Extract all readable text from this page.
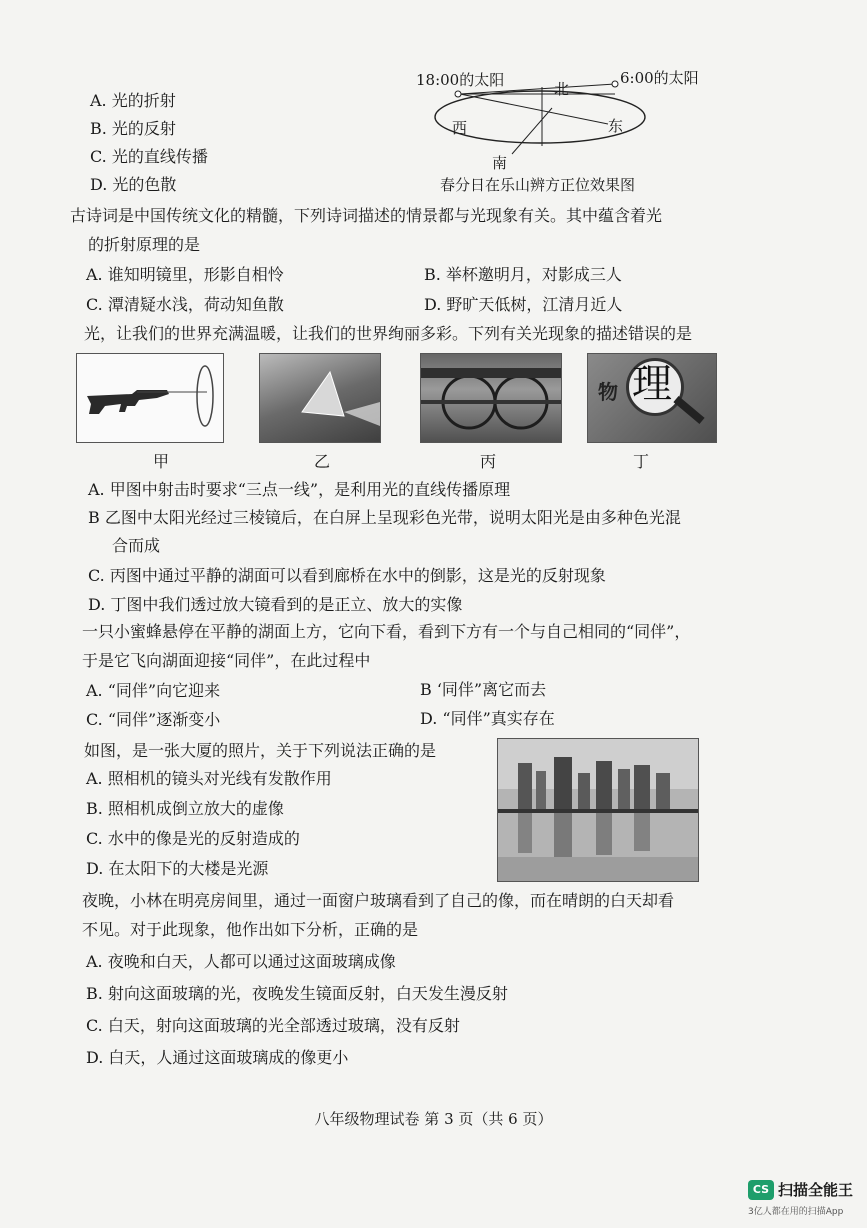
A. 光的折射
B. 光的反射
C. 光的直线传播
D. 光的色散
18:00的太阳	6:00的太阳
北
西	东
南
春分日在乐山辨方正位效果图
古诗词是中国传统文化的精髓，下列诗词描述的情景都与光现象有关。其中蕴含着光
的折射原理的是
A. 谁知明镜里，形影自相怜	B. 举杯邀明月，对影成三人
C. 潭清疑水浅，荷动知鱼散	D. 野旷天低树，江清月近人
光，让我们的世界充满温暖，让我们的世界绚丽多彩。下列有关光现象的描述错误的是
物 理
甲	乙	丙	丁
A. 甲图中射击时要求“三点一线”，是利用光的直线传播原理
B 乙图中太阳光经过三棱镜后，在白屏上呈现彩色光带，说明太阳光是由多种色光混
合而成
C. 丙图中通过平静的湖面可以看到廊桥在水中的倒影，这是光的反射现象
D. 丁图中我们透过放大镜看到的是正立、放大的实像
一只小蜜蜂悬停在平静的湖面上方，它向下看，看到下方有一个与自己相同的“同伴”，
于是它飞向湖面迎接“同伴”，在此过程中
A. “同伴”向它迎来	B ‘同伴”离它而去
C. “同伴”逐渐变小	D. “同伴”真实存在
如图，是一张大厦的照片，关于下列说法正确的是
A. 照相机的镜头对光线有发散作用
B. 照相机成倒立放大的虚像
C. 水中的像是光的反射造成的
D. 在太阳下的大楼是光源
夜晚，小林在明亮房间里，通过一面窗户玻璃看到了自己的像，而在晴朗的白天却看
不见。对于此现象，他作出如下分析，正确的是
A. 夜晚和白天，人都可以通过这面玻璃成像
B. 射向这面玻璃的光，夜晚发生镜面反射，白天发生漫反射
C. 白天，射向这面玻璃的光全部透过玻璃，没有反射
D. 白天，人通过这面玻璃成的像更小
八年级物理试卷 第 3 页（共 6 页）
CS 扫描全能王
3亿人都在用的扫描App
